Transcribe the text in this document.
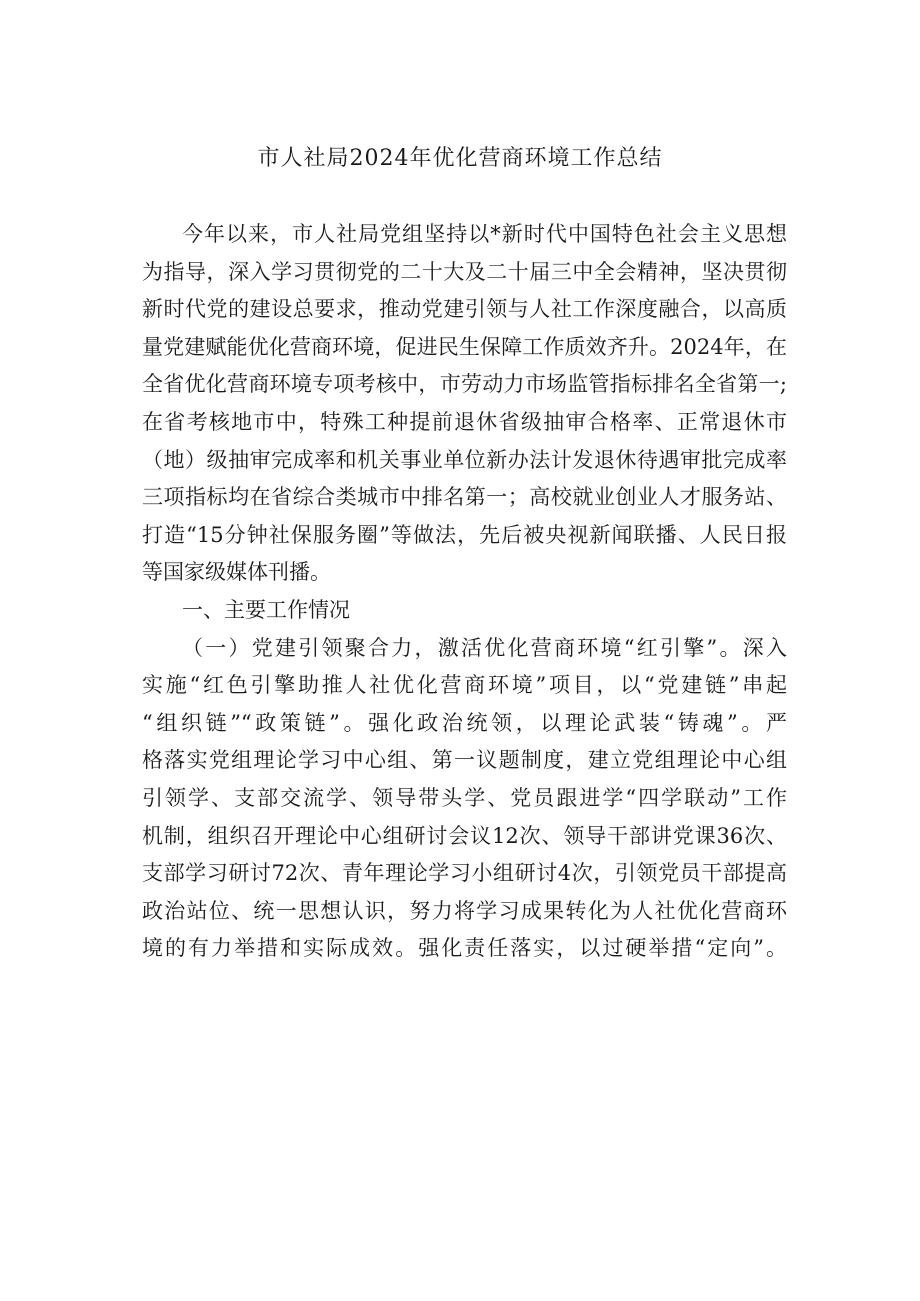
市人社局2024年优化营商环境工作总结
今年以来，市人社局党组坚持以*新时代中国特色社会主义思想
为指导，深入学习贯彻党的二十大及二十届三中全会精神，坚决贯彻
新时代党的建设总要求，推动党建引领与人社工作深度融合，以高质
量党建赋能优化营商环境，促进民生保障工作质效齐升。2024年，在
全省优化营商环境专项考核中，市劳动力市场监管指标排名全省第一;
在省考核地市中，特殊工种提前退休省级抽审合格率、正常退休市
（地）级抽审完成率和机关事业单位新办法计发退休待遇审批完成率
三项指标均在省综合类城市中排名第一；高校就业创业人才服务站、
打造“15分钟社保服务圈”等做法，先后被央视新闻联播、人民日报
等国家级媒体刊播。
一、主要工作情况
（一）党建引领聚合力，激活优化营商环境“红引擎”。深入
实施“红色引擎助推人社优化营商环境”项目，以“党建链”串起
“组织链”“政策链”。强化政治统领，以理论武装“铸魂”。严
格落实党组理论学习中心组、第一议题制度，建立党组理论中心组
引领学、支部交流学、领导带头学、党员跟进学“四学联动”工作
机制，组织召开理论中心组研讨会议12次、领导干部讲党课36次、
支部学习研讨72次、青年理论学习小组研讨4次，引领党员干部提高
政治站位、统一思想认识，努力将学习成果转化为人社优化营商环
境的有力举措和实际成效。强化责任落实，以过硬举措“定向”。
